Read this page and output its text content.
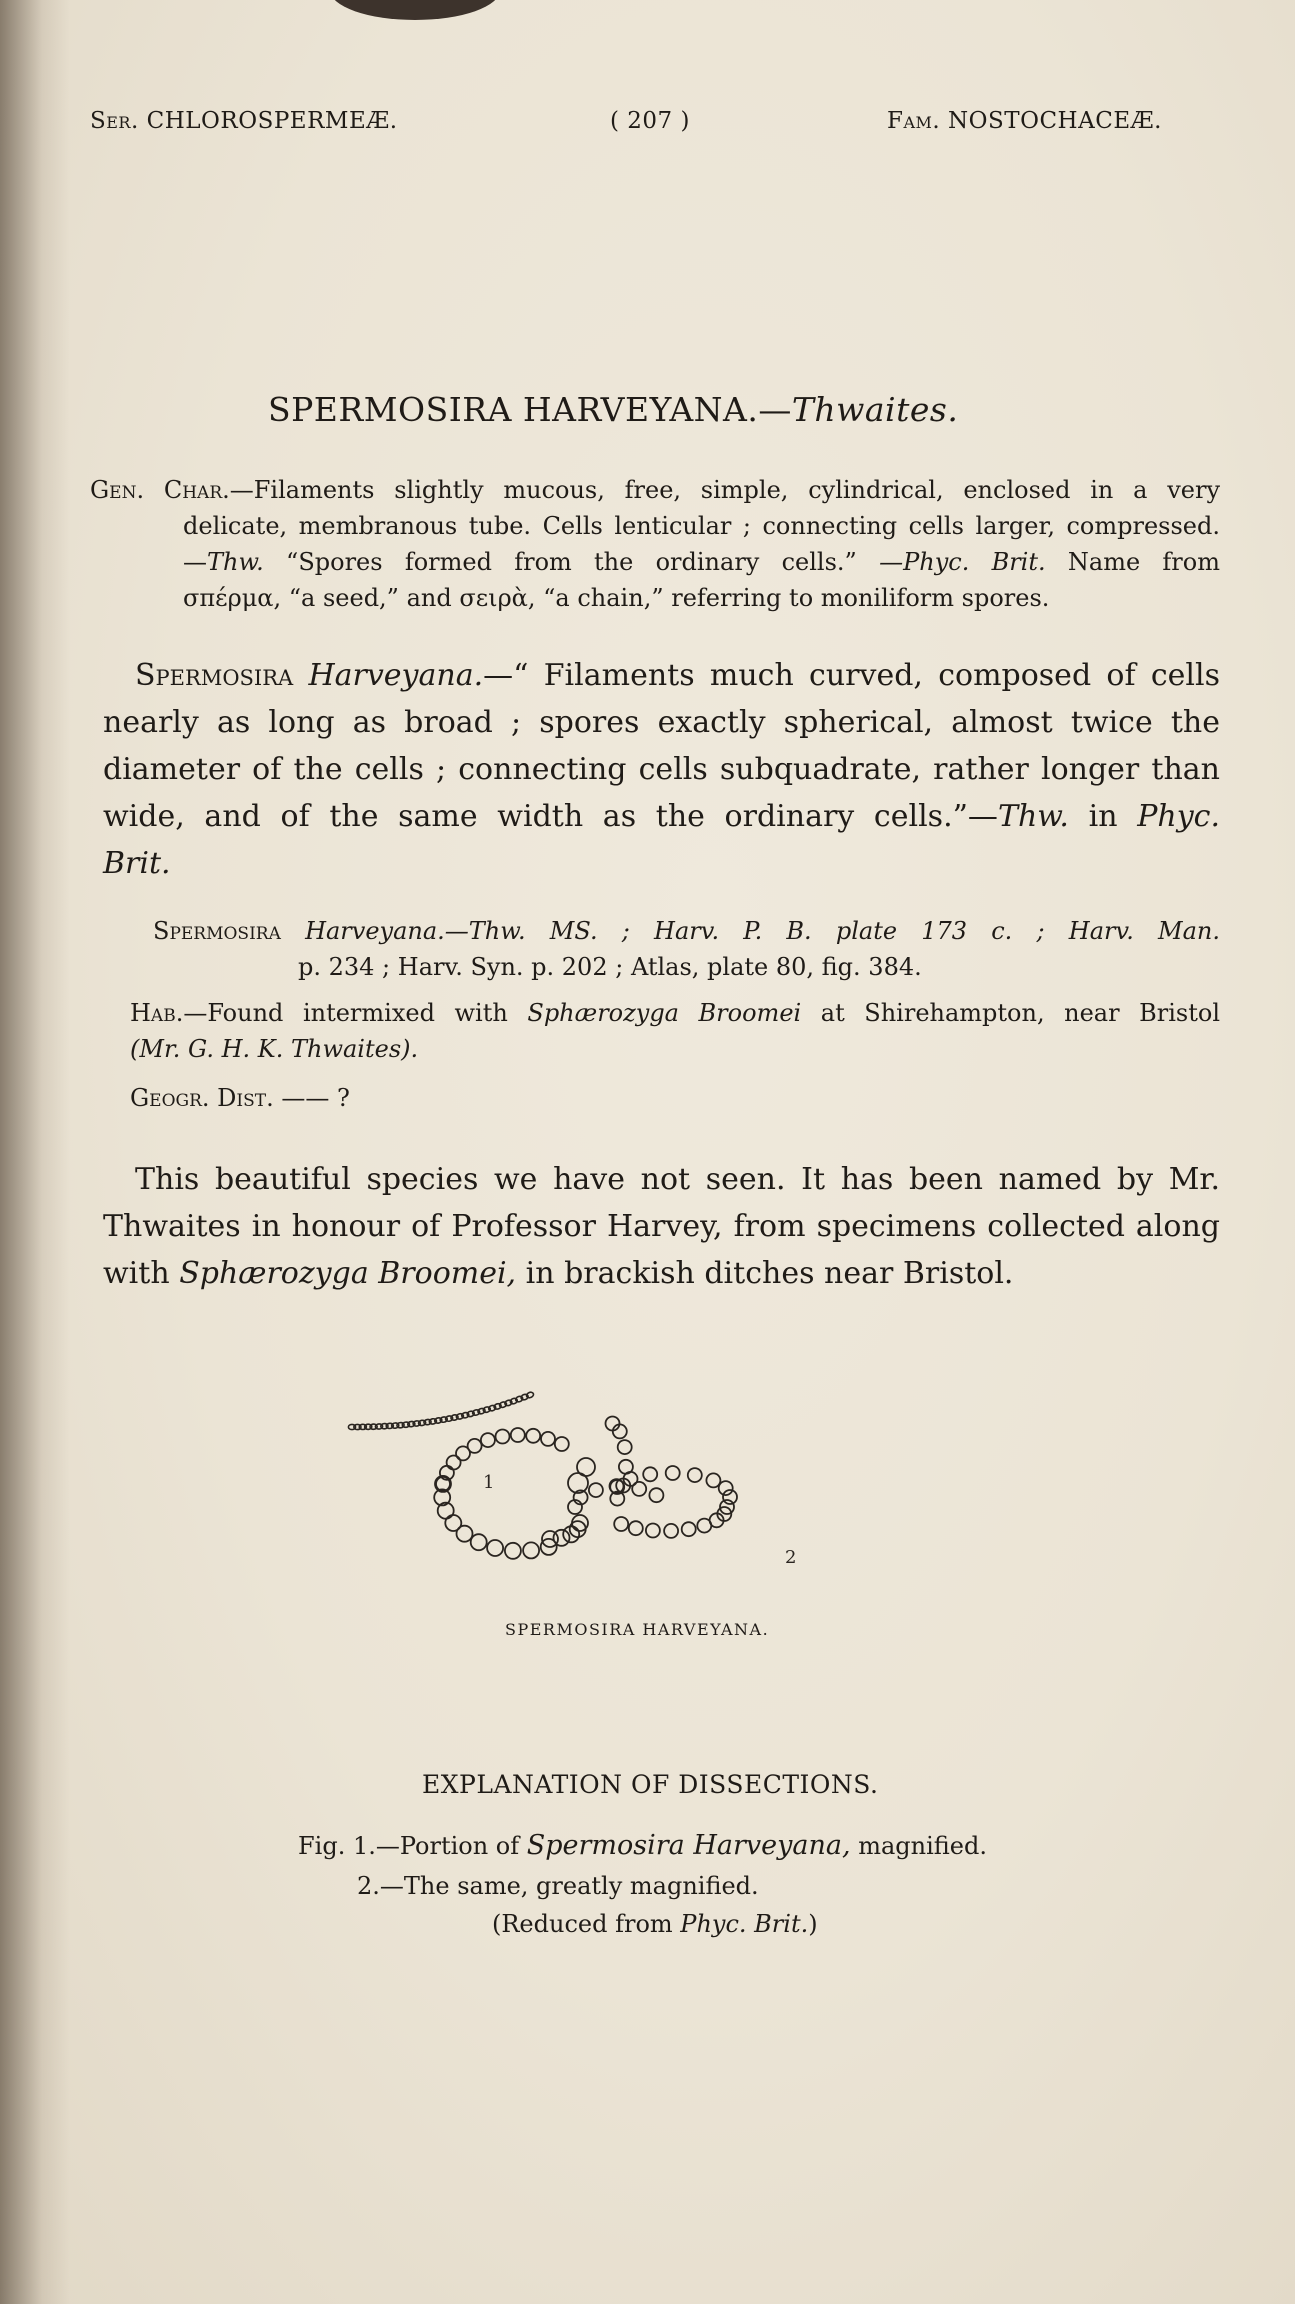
Ser. CHLOROSPERMEÆ.	( 207 )	Fam. NOSTOCHACEÆ.
SPERMOSIRA HARVEYANA.—Thwaites.
Gen. Char.—Filaments slightly mucous, free, simple, cylindrical, enclosed in a very
delicate, membranous tube. Cells lenticular ; connecting cells larger, compressed.
—Thw. “Spores formed from the ordinary cells.” —Phyc. Brit. Name from
σπέρμα, “a seed,” and σειρὰ, “a chain,” referring to moniliform spores.
Spermosira Harveyana.—“ Filaments much curved, composed of cells
nearly as long as broad ; spores exactly spherical, almost twice the
diameter of the cells ; connecting cells subquadrate, rather longer than
wide, and of the same width as the ordinary cells.”—Thw. in Phyc.
Brit.
Spermosira Harveyana.—Thw. MS. ; Harv. P. B. plate 173 c. ; Harv. Man.
p. 234 ; Harv. Syn. p. 202 ; Atlas, plate 80, fig. 384.
Hab.—Found intermixed with Sphærozyga Broomei at Shirehampton, near Bristol
(Mr. G. H. K. Thwaites).
Geogr. Dist. —— ?
This beautiful species we have not seen. It has been named by Mr.
Thwaites in honour of Professor Harvey, from specimens collected along
with Sphærozyga Broomei, in brackish ditches near Bristol.
1
2
SPERMOSIRA HARVEYANA.
EXPLANATION OF DISSECTIONS.
Fig. 1.—Portion of Spermosira Harveyana, magnified.
2.—The same, greatly magnified.
(Reduced from Phyc. Brit.)
